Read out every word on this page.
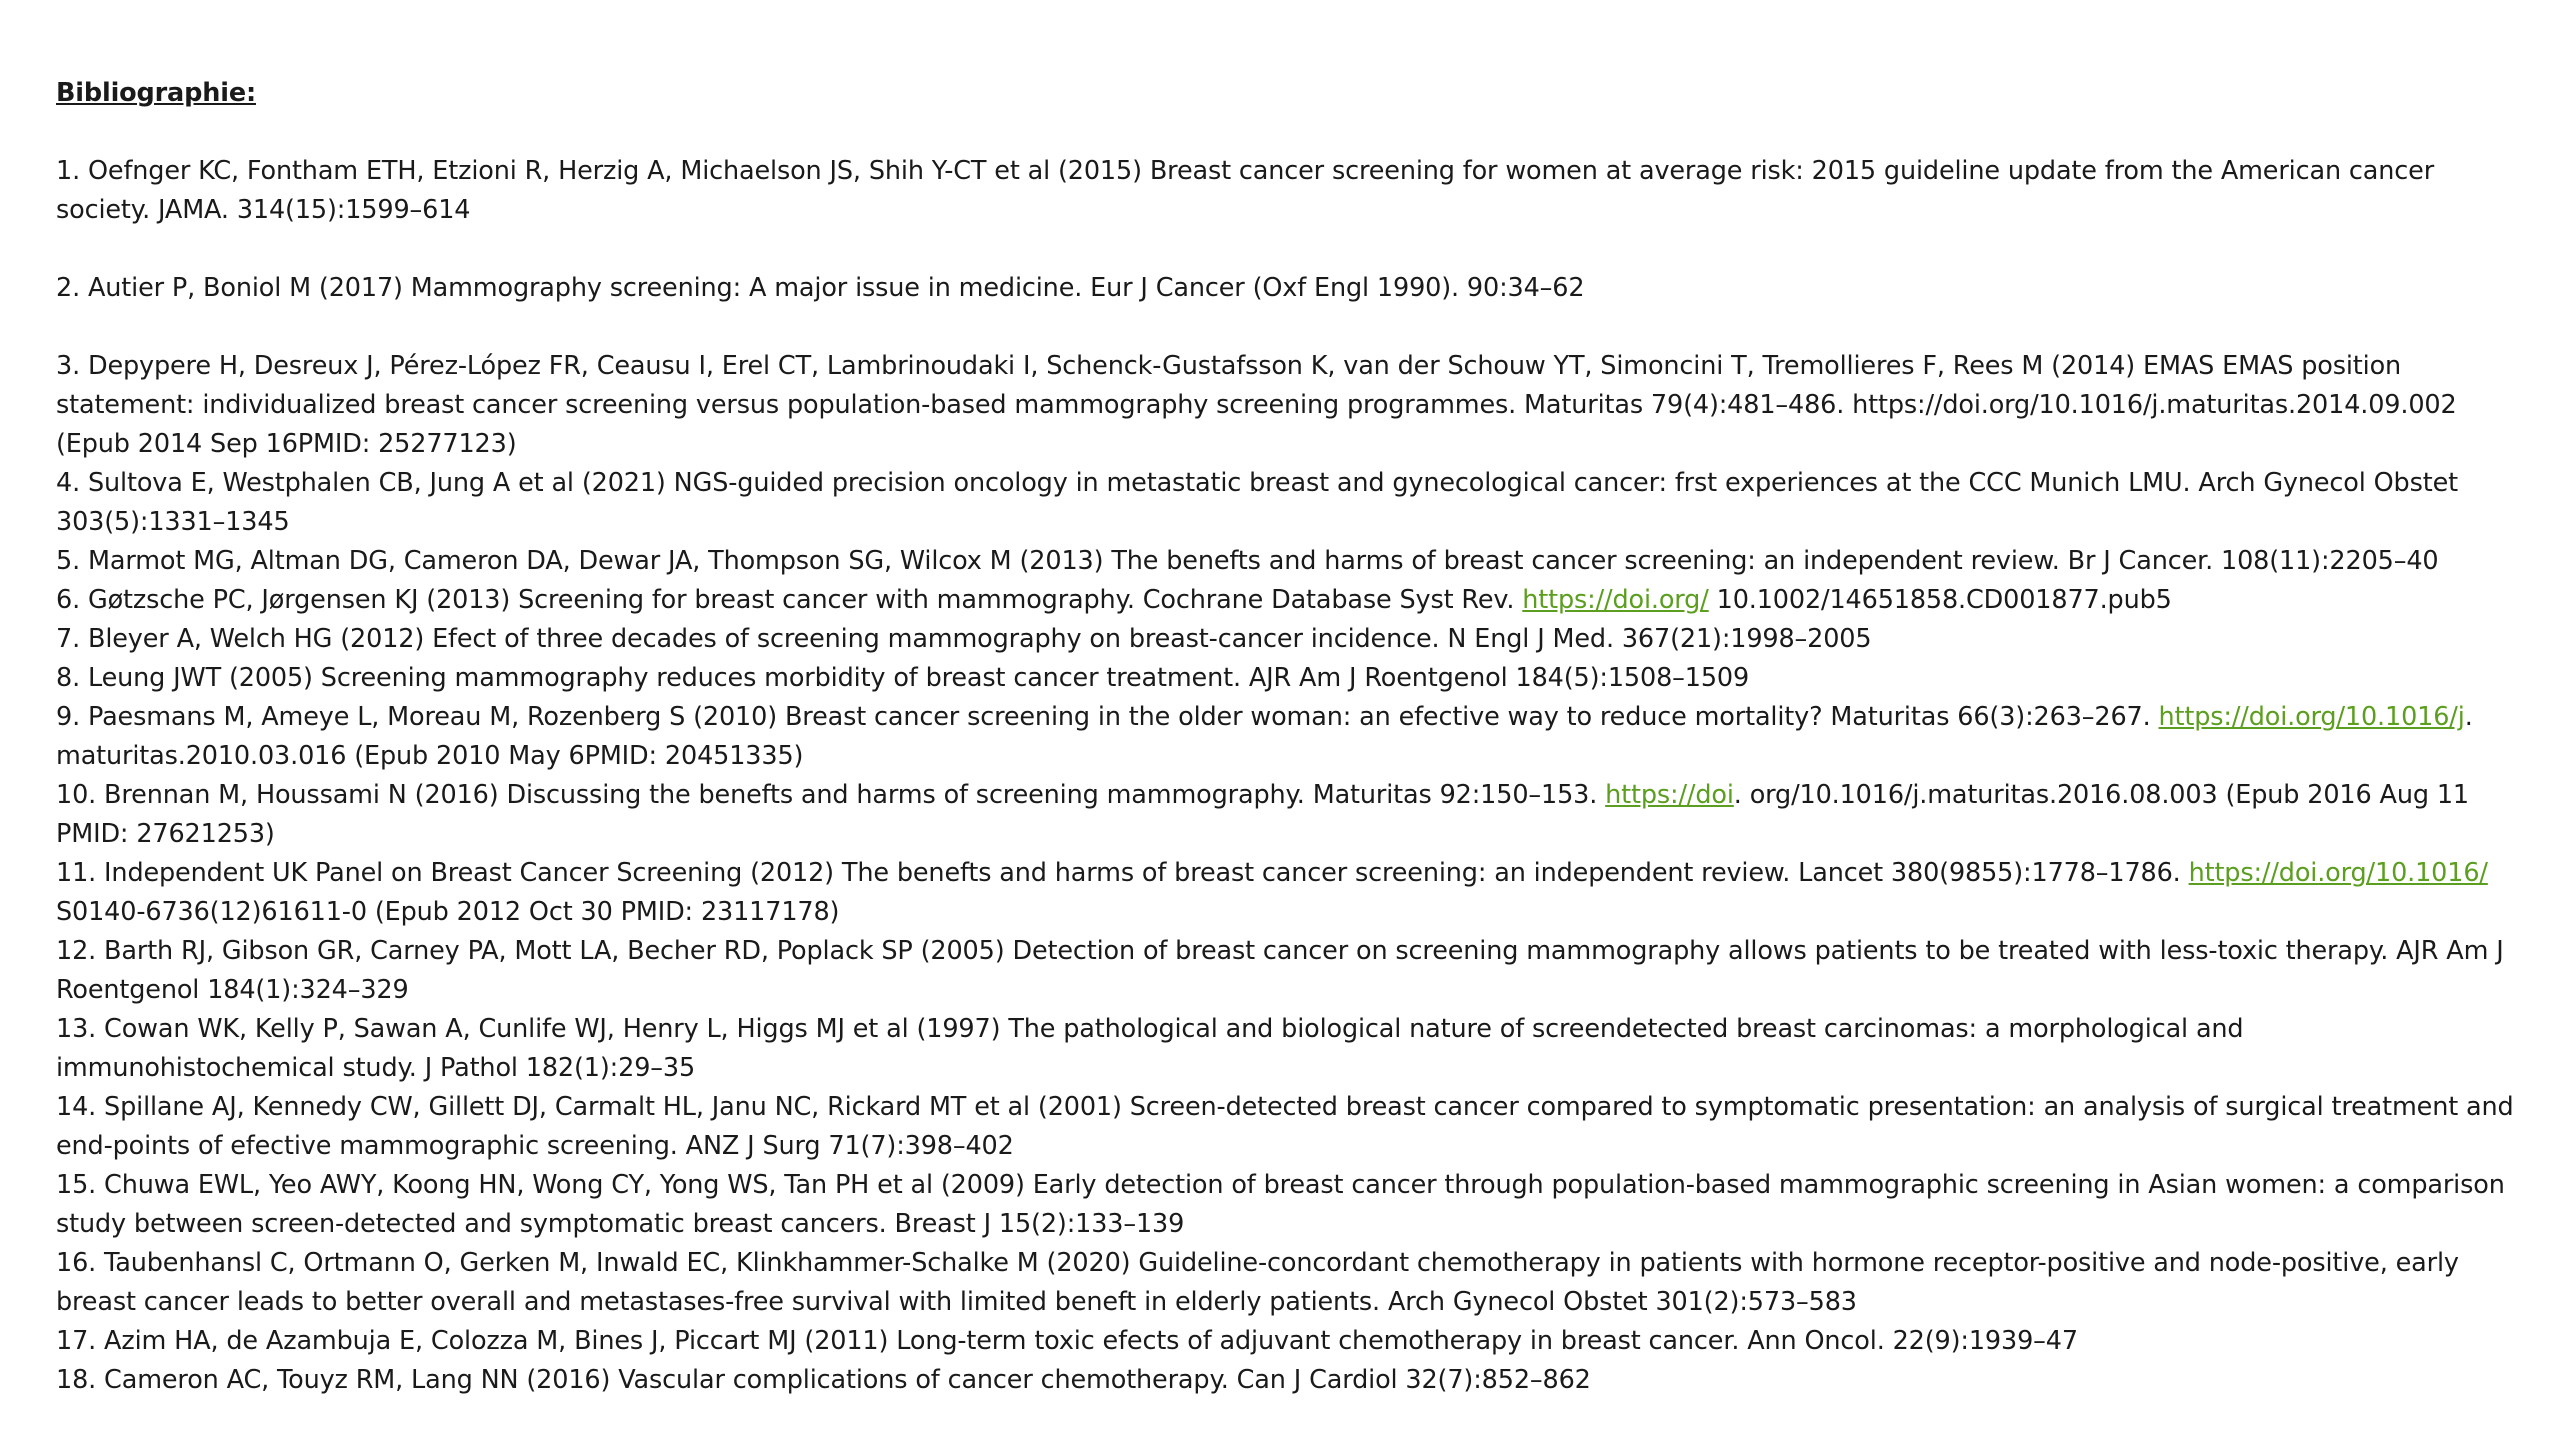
Bibliographie:

1. Oefnger KC, Fontham ETH, Etzioni R, Herzig A, Michaelson JS, Shih Y-CT et al (2015) Breast cancer screening for women at average risk: 2015 guideline update from the American cancer society. JAMA. 314(15):1599–614

2. Autier P, Boniol M (2017) Mammography screening: A major issue in medicine. Eur J Cancer (Oxf Engl 1990). 90:34–62

3. Depypere H, Desreux J, Pérez-López FR, Ceausu I, Erel CT, Lambrinoudaki I, Schenck-Gustafsson K, van der Schouw YT, Simoncini T, Tremollieres F, Rees M (2014) EMAS EMAS position statement: individualized breast cancer screening versus population-based mammography screening programmes. Maturitas 79(4):481–486. https://doi.org/10.1016/j.maturitas.2014.09.002 (Epub 2014 Sep 16PMID: 25277123)

4. Sultova E, Westphalen CB, Jung A et al (2021) NGS-guided precision oncology in metastatic breast and gynecological cancer: frst experiences at the CCC Munich LMU. Arch Gynecol Obstet 303(5):1331–1345

5. Marmot MG, Altman DG, Cameron DA, Dewar JA, Thompson SG, Wilcox M (2013) The benefts and harms of breast cancer screening: an independent review. Br J Cancer. 108(11):2205–40

6. Gøtzsche PC, Jørgensen KJ (2013) Screening for breast cancer with mammography. Cochrane Database Syst Rev. https://doi.org/ 10.1002/14651858.CD001877.pub5

7. Bleyer A, Welch HG (2012) Efect of three decades of screening mammography on breast-cancer incidence. N Engl J Med. 367(21):1998–2005

8. Leung JWT (2005) Screening mammography reduces morbidity of breast cancer treatment. AJR Am J Roentgenol 184(5):1508–1509

9. Paesmans M, Ameye L, Moreau M, Rozenberg S (2010) Breast cancer screening in the older woman: an efective way to reduce mortality? Maturitas 66(3):263–267. https://doi.org/10.1016/j. maturitas.2010.03.016 (Epub 2010 May 6PMID: 20451335)

10. Brennan M, Houssami N (2016) Discussing the benefts and harms of screening mammography. Maturitas 92:150–153. https://doi. org/10.1016/j.maturitas.2016.08.003 (Epub 2016 Aug 11 PMID: 27621253)

11. Independent UK Panel on Breast Cancer Screening (2012) The benefts and harms of breast cancer screening: an independent review. Lancet 380(9855):1778–1786. https://doi.org/10.1016/ S0140-6736(12)61611-0 (Epub 2012 Oct 30 PMID: 23117178)

12. Barth RJ, Gibson GR, Carney PA, Mott LA, Becher RD, Poplack SP (2005) Detection of breast cancer on screening mammography allows patients to be treated with less-toxic therapy. AJR Am J Roentgenol 184(1):324–329

13. Cowan WK, Kelly P, Sawan A, Cunlife WJ, Henry L, Higgs MJ et al (1997) The pathological and biological nature of screendetected breast carcinomas: a morphological and immunohistochemical study. J Pathol 182(1):29–35

14. Spillane AJ, Kennedy CW, Gillett DJ, Carmalt HL, Janu NC, Rickard MT et al (2001) Screen-detected breast cancer compared to symptomatic presentation: an analysis of surgical treatment and end-points of efective mammographic screening. ANZ J Surg 71(7):398–402

15. Chuwa EWL, Yeo AWY, Koong HN, Wong CY, Yong WS, Tan PH et al (2009) Early detection of breast cancer through population-based mammographic screening in Asian women: a comparison study between screen-detected and symptomatic breast cancers. Breast J 15(2):133–139

16. Taubenhansl C, Ortmann O, Gerken M, Inwald EC, Klinkhammer-Schalke M (2020) Guideline-concordant chemotherapy in patients with hormone receptor-positive and node-positive, early breast cancer leads to better overall and metastases-free survival with limited beneft in elderly patients. Arch Gynecol Obstet 301(2):573–583

17. Azim HA, de Azambuja E, Colozza M, Bines J, Piccart MJ (2011) Long-term toxic efects of adjuvant chemotherapy in breast cancer. Ann Oncol. 22(9):1939–47

18. Cameron AC, Touyz RM, Lang NN (2016) Vascular complications of cancer chemotherapy. Can J Cardiol 32(7):852–862
